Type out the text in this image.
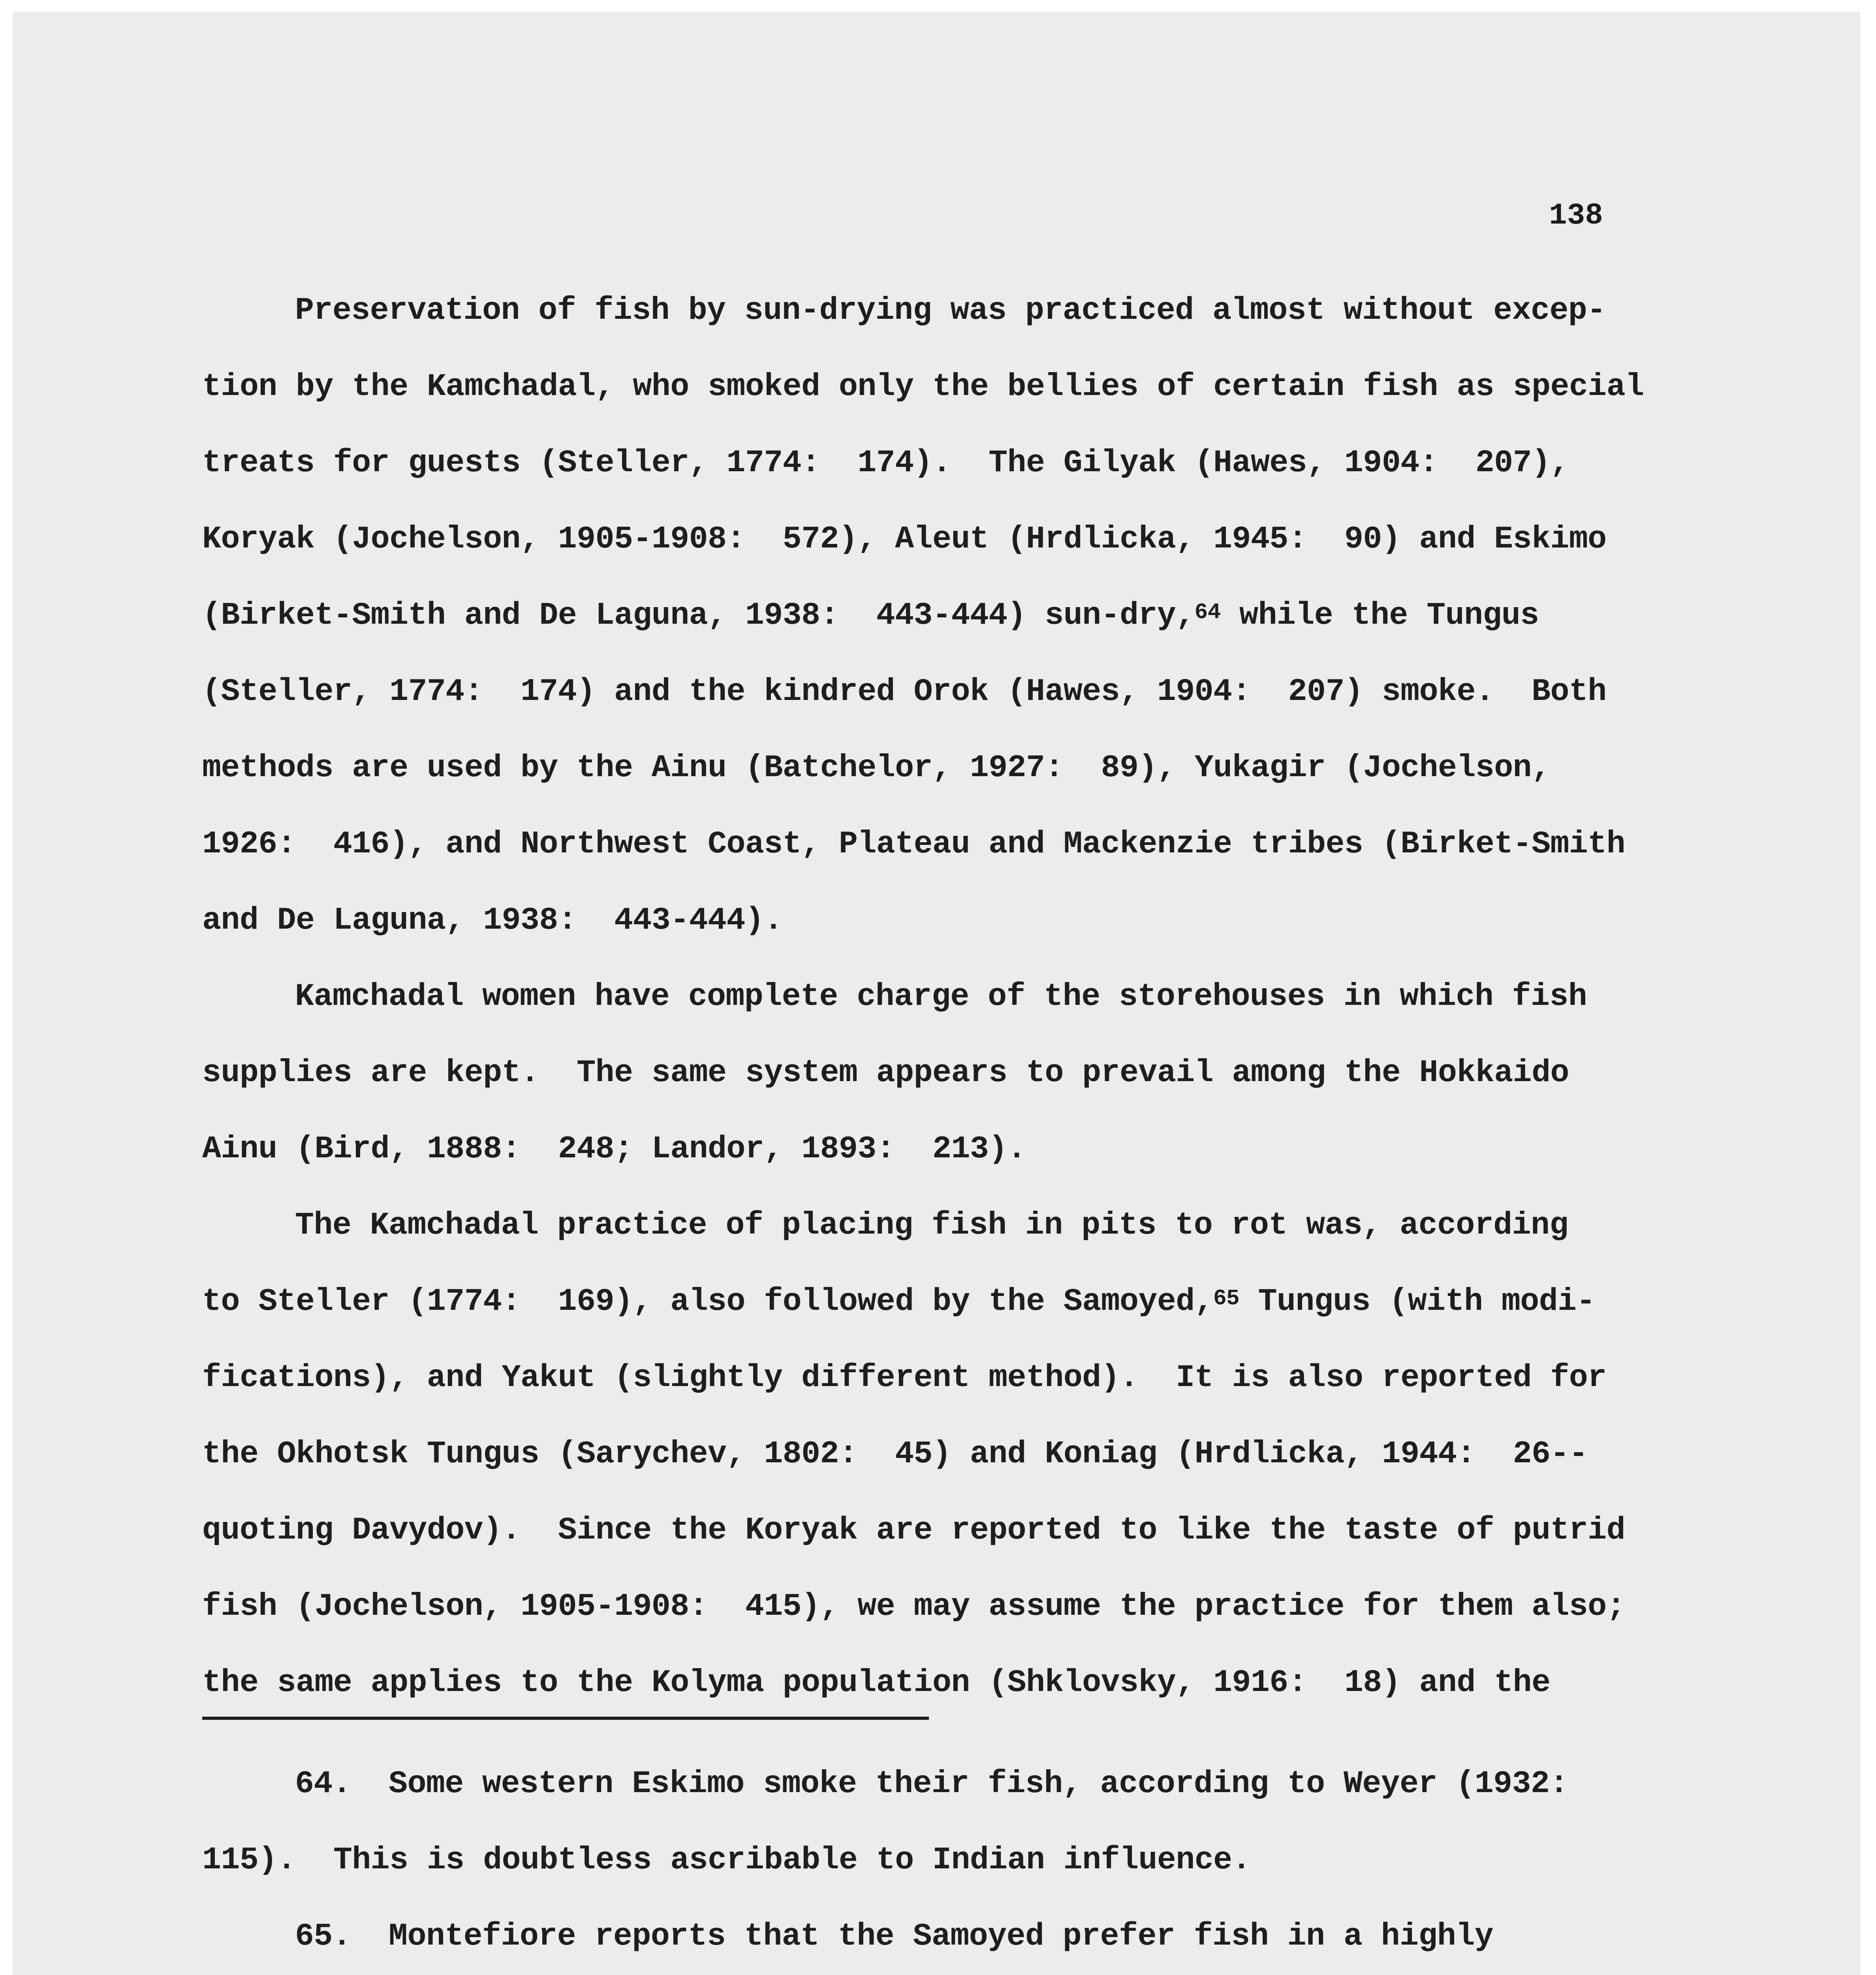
138
Preservation of fish by sun-drying was practiced almost without excep-
tion by the Kamchadal, who smoked only the bellies of certain fish as special
treats for guests (Steller, 1774:  174).  The Gilyak (Hawes, 1904:  207),
Koryak (Jochelson, 1905-1908:  572), Aleut (Hrdlicka, 1945:  90) and Eskimo
(Birket-Smith and De Laguna, 1938:  443-444) sun-dry,$^{64}$ while the Tungus
(Steller, 1774:  174) and the kindred Orok (Hawes, 1904:  207) smoke.  Both
methods are used by the Ainu (Batchelor, 1927:  89), Yukagir (Jochelson,
1926:  416), and Northwest Coast, Plateau and Mackenzie tribes (Birket-Smith
and De Laguna, 1938:  443-444).
Kamchadal women have complete charge of the storehouses in which fish
supplies are kept.  The same system appears to prevail among the Hokkaido
Ainu (Bird, 1888:  248; Landor, 1893:  213).
The Kamchadal practice of placing fish in pits to rot was, according
to Steller (1774:  169), also followed by the Samoyed,$^{65}$ Tungus (with modi-
fications), and Yakut (slightly different method).  It is also reported for
the Okhotsk Tungus (Sarychev, 1802:  45) and Koniag (Hrdlicka, 1944:  26--
quoting Davydov).  Since the Koryak are reported to like the taste of putrid
fish (Jochelson, 1905-1908:  415), we may assume the practice for them also;
the same applies to the Kolyma population (Shklovsky, 1916:  18) and the
64.  Some western Eskimo smoke their fish, according to Weyer (1932:
115).  This is doubtless ascribable to Indian influence.
65.  Montefiore reports that the Samoyed prefer fish in a highly
